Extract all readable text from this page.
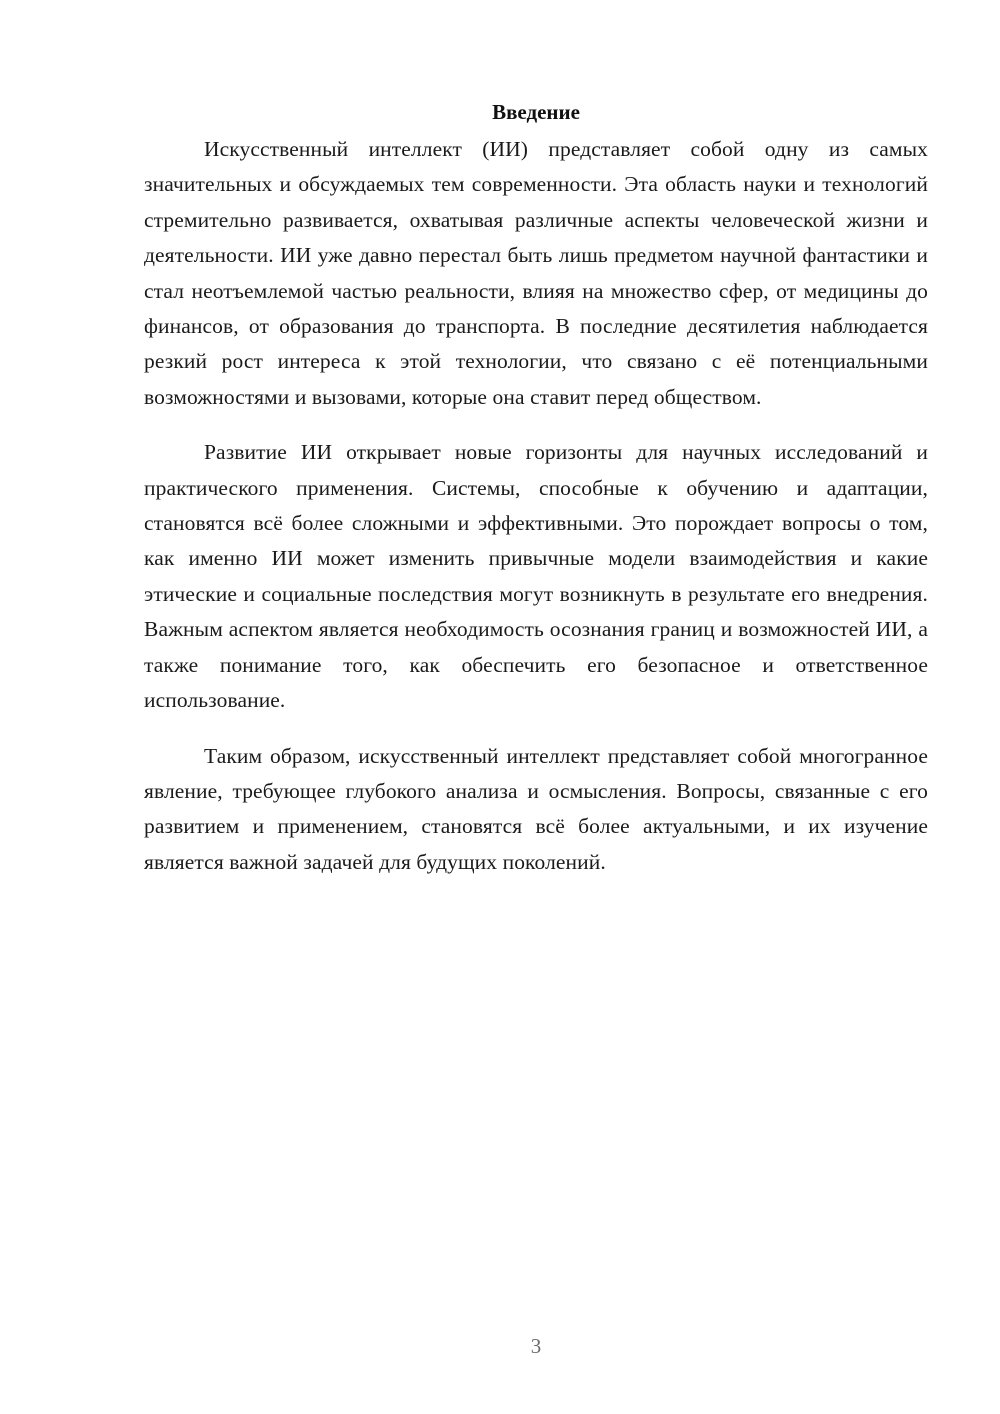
Введение

Искусственный интеллект (ИИ) представляет собой одну из самых значительных и обсуждаемых тем современности. Эта область науки и технологий стремительно развивается, охватывая различные аспекты человеческой жизни и деятельности. ИИ уже давно перестал быть лишь предметом научной фантастики и стал неотъемлемой частью реальности, влияя на множество сфер, от медицины до финансов, от образования до транспорта. В последние десятилетия наблюдается резкий рост интереса к этой технологии, что связано с её потенциальными возможностями и вызовами, которые она ставит перед обществом.

Развитие ИИ открывает новые горизонты для научных исследований и практического применения. Системы, способные к обучению и адаптации, становятся всё более сложными и эффективными. Это порождает вопросы о том, как именно ИИ может изменить привычные модели взаимодействия и какие этические и социальные последствия могут возникнуть в результате его внедрения. Важным аспектом является необходимость осознания границ и возможностей ИИ, а также понимание того, как обеспечить его безопасное и ответственное использование.

Таким образом, искусственный интеллект представляет собой многогранное явление, требующее глубокого анализа и осмысления. Вопросы, связанные с его развитием и применением, становятся всё более актуальными, и их изучение является важной задачей для будущих поколений.

3
